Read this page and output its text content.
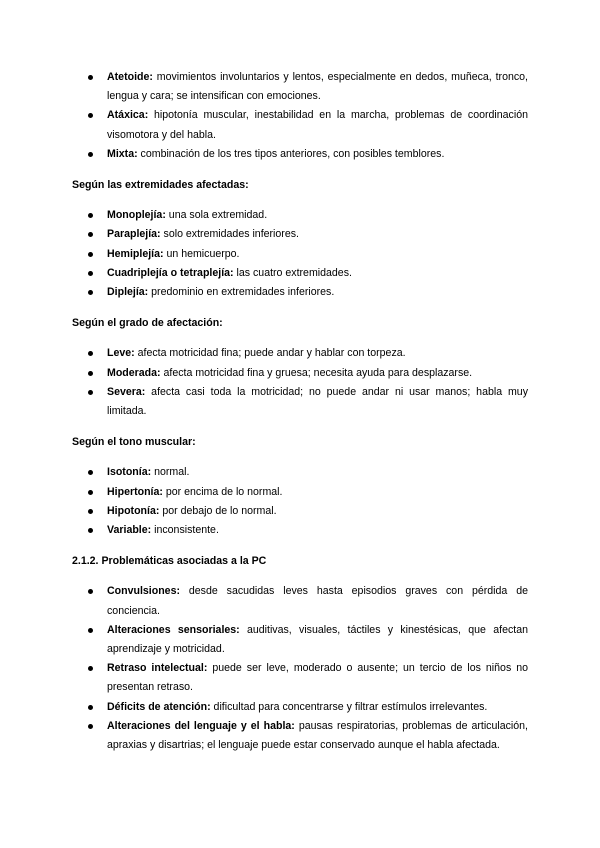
Atetoide: movimientos involuntarios y lentos, especialmente en dedos, muñeca, tronco, lengua y cara; se intensifican con emociones.
Atáxica: hipotonía muscular, inestabilidad en la marcha, problemas de coordinación visomotora y del habla.
Mixta: combinación de los tres tipos anteriores, con posibles temblores.

Según las extremidades afectadas:

Monoplejía: una sola extremidad.
Paraplejía: solo extremidades inferiores.
Hemiplejía: un hemicuerpo.
Cuadriplejía o tetraplejía: las cuatro extremidades.
Diplejía: predominio en extremidades inferiores.

Según el grado de afectación:

Leve: afecta motricidad fina; puede andar y hablar con torpeza.
Moderada: afecta motricidad fina y gruesa; necesita ayuda para desplazarse.
Severa: afecta casi toda la motricidad; no puede andar ni usar manos; habla muy limitada.

Según el tono muscular:

Isotonía: normal.
Hipertonía: por encima de lo normal.
Hipotonía: por debajo de lo normal.
Variable: inconsistente.

2.1.2. Problemáticas asociadas a la PC

Convulsiones: desde sacudidas leves hasta episodios graves con pérdida de conciencia.
Alteraciones sensoriales: auditivas, visuales, táctiles y kinestésicas, que afectan aprendizaje y motricidad.
Retraso intelectual: puede ser leve, moderado o ausente; un tercio de los niños no presentan retraso.
Déficits de atención: dificultad para concentrarse y filtrar estímulos irrelevantes.
Alteraciones del lenguaje y el habla: pausas respiratorias, problemas de articulación, apraxias y disartrias; el lenguaje puede estar conservado aunque el habla afectada.
